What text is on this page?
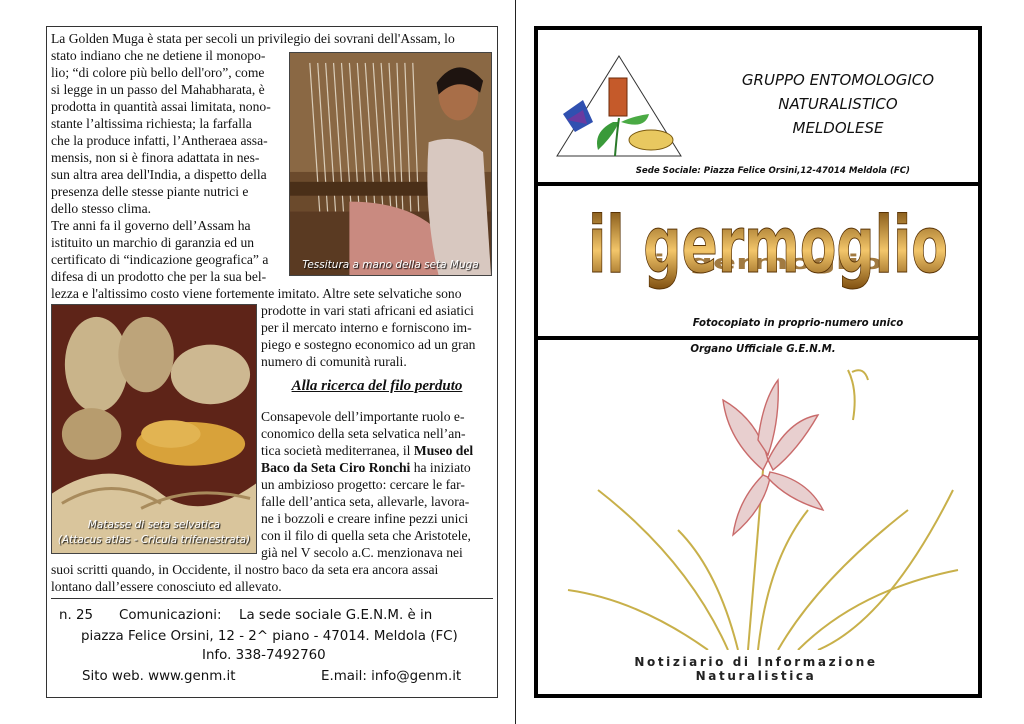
La Golden Muga è stata per secoli un privilegio dei sovrani dell'Assam, lo

stato indiano che ne detiene il monopo-

lio; “di colore più bello dell'oro”, come

si legge in un passo del Mahabharata, è

prodotta in quantità assai limitata, nono-

stante l’altissima richiesta; la farfalla

che la produce infatti, l’Antheraea assa-

mensis, non si è finora adattata in nes-

sun altra area dell'India, a dispetto della

presenza delle stesse piante nutrici e

dello stesso clima.

Tre anni fa il governo dell’Assam ha

istituito un marchio di garanzia ed un

certificato di “indicazione geografica” a

difesa di un prodotto che per la sua bel-

lezza e l'altissimo costo viene fortemente imitato. Altre sete selvatiche sono

prodotte in vari stati africani ed asiatici

per il mercato interno e forniscono im-

piego e sostegno economico ad un gran

numero di comunità rurali.

Consapevole dell’importante ruolo e-

conomico della seta selvatica nell’an-

tica società mediterranea, il Museo del

Baco da Seta Ciro Ronchi ha iniziato

un ambizioso progetto: cercare le far-

falle dell’antica seta, allevarle, lavora-

ne i bozzoli e creare infine pezzi unici

con il filo di quella seta che Aristotele,

già nel V secolo a.C. menzionava nei

suoi scritti quando, in Occidente, il nostro baco da seta era ancora assai

lontano dall’essere conosciuto ed allevato.

Alla ricerca del filo perduto
Tessitura a mano della seta Muga
Matasse di seta selvatica
(Attacus atlas - Cricula trifenestrata)
n. 25 Comunicazioni: La sede sociale G.E.N.M. è in
piazza Felice Orsini, 12 - 2^ piano - 47014. Meldola (FC)
Info. 338-7492760
Sito web. www.genm.it	E.mail: info@genm.it
GRUPPO ENTOMOLOGICO
NATURALISTICO
MELDOLESE
Sede Sociale: Piazza Felice Orsini,12-47014 Meldola (FC)
il germoglio
il germoglio
Fotocopiato in proprio-numero unico
Organo Ufficiale G.E.N.M.
Notiziario di Informazione Naturalistica
